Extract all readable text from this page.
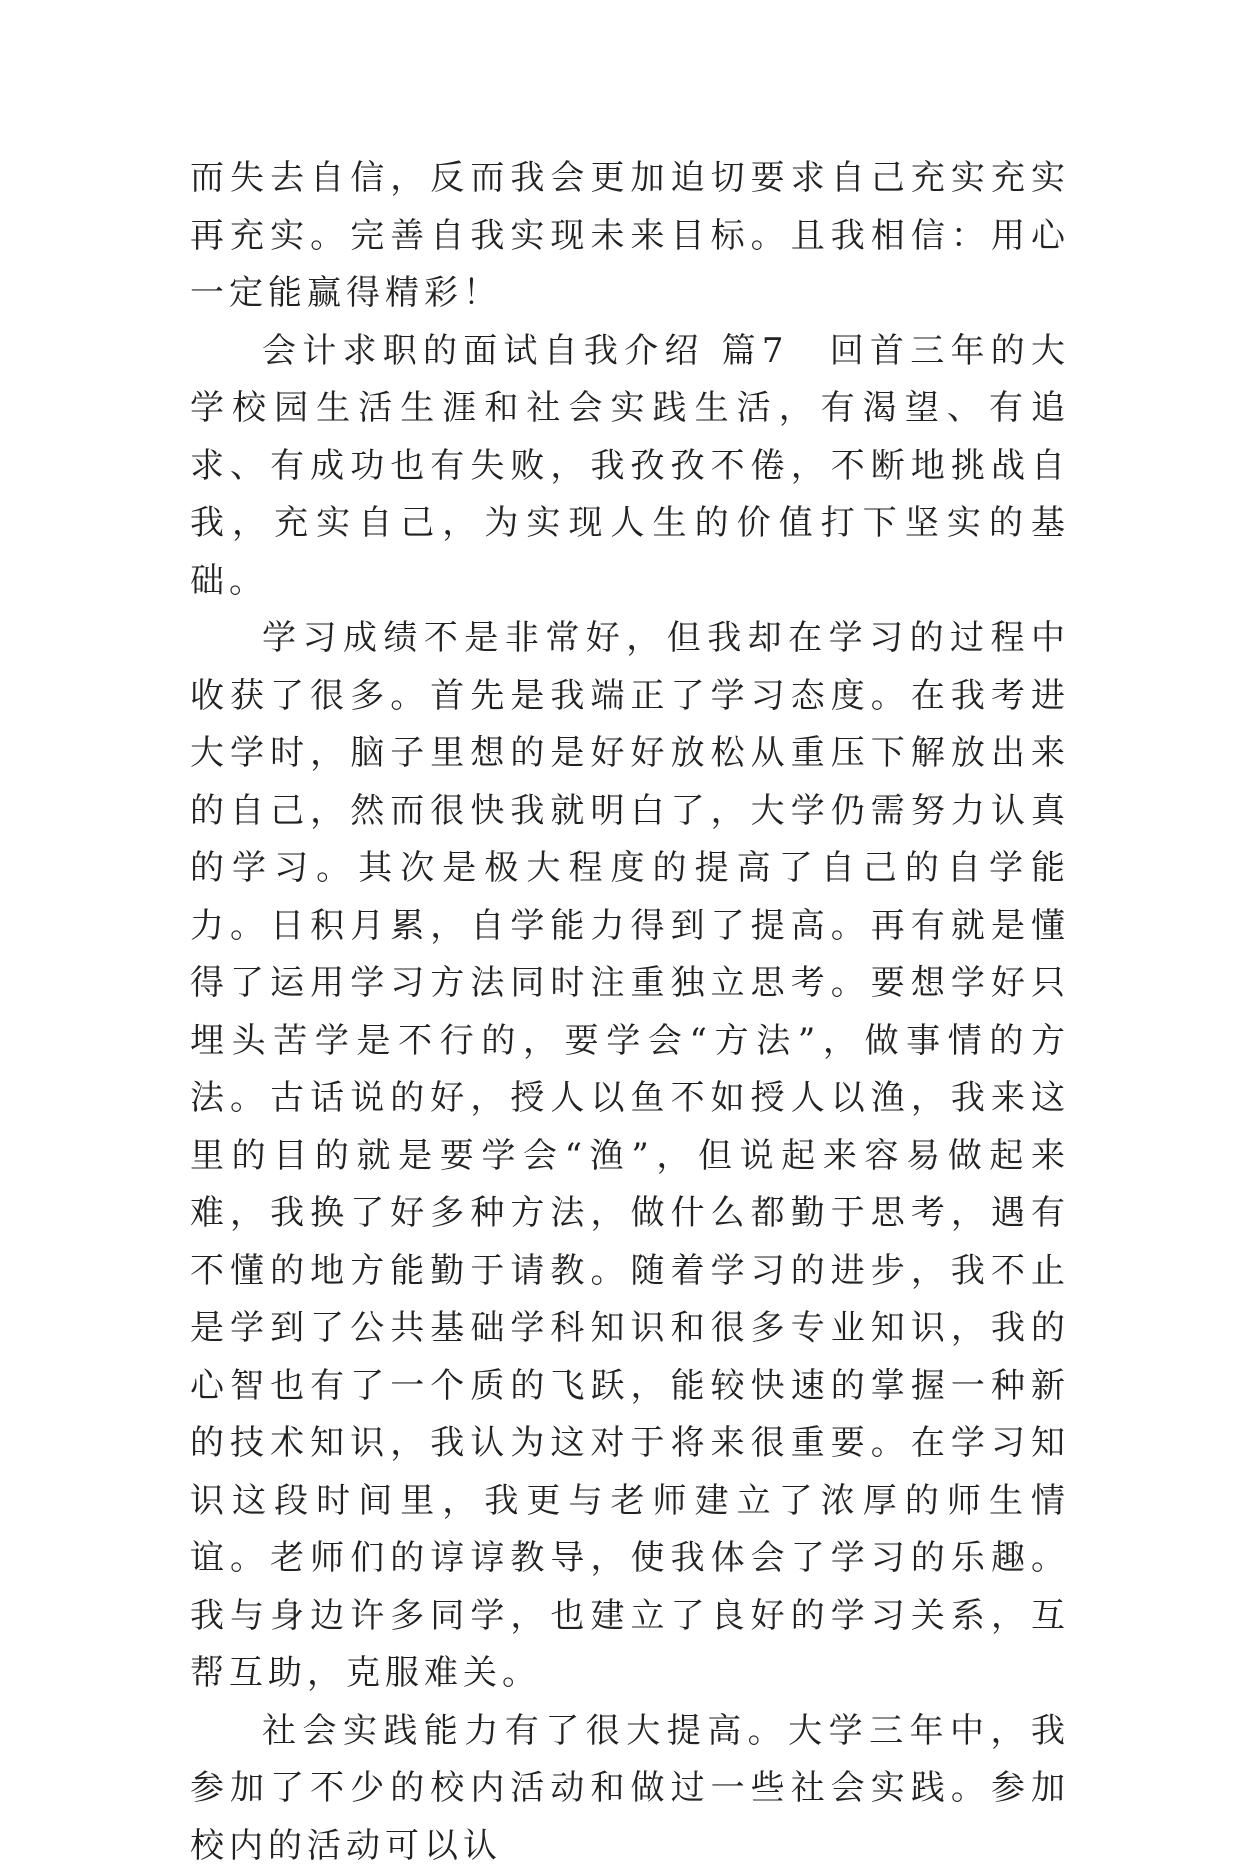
而失去自信，反而我会更加迫切要求自己充实充实再充实。完善自我实现未来目标。且我相信：用心一定能赢得精彩！

会计求职的面试自我介绍 篇7 回首三年的大学校园生活生涯和社会实践生活，有渴望、有追求、有成功也有失败，我孜孜不倦，不断地挑战自我，充实自己，为实现人生的价值打下坚实的基础。

学习成绩不是非常好，但我却在学习的过程中收获了很多。首先是我端正了学习态度。在我考进大学时，脑子里想的是好好放松从重压下解放出来的自己，然而很快我就明白了，大学仍需努力认真的学习。其次是极大程度的提高了自己的自学能力。日积月累，自学能力得到了提高。再有就是懂得了运用学习方法同时注重独立思考。要想学好只埋头苦学是不行的，要学会“方法”，做事情的方法。古话说的好，授人以鱼不如授人以渔，我来这里的目的就是要学会“渔”，但说起来容易做起来难，我换了好多种方法，做什么都勤于思考，遇有不懂的地方能勤于请教。随着学习的进步，我不止是学到了公共基础学科知识和很多专业知识，我的心智也有了一个质的飞跃，能较快速的掌握一种新的技术知识，我认为这对于将来很重要。在学习知识这段时间里，我更与老师建立了浓厚的师生情谊。老师们的谆谆教导，使我体会了学习的乐趣。我与身边许多同学，也建立了良好的学习关系，互帮互助，克服难关。

社会实践能力有了很大提高。大学三年中，我参加了不少的校内活动和做过一些社会实践。参加校内的活动可以认
